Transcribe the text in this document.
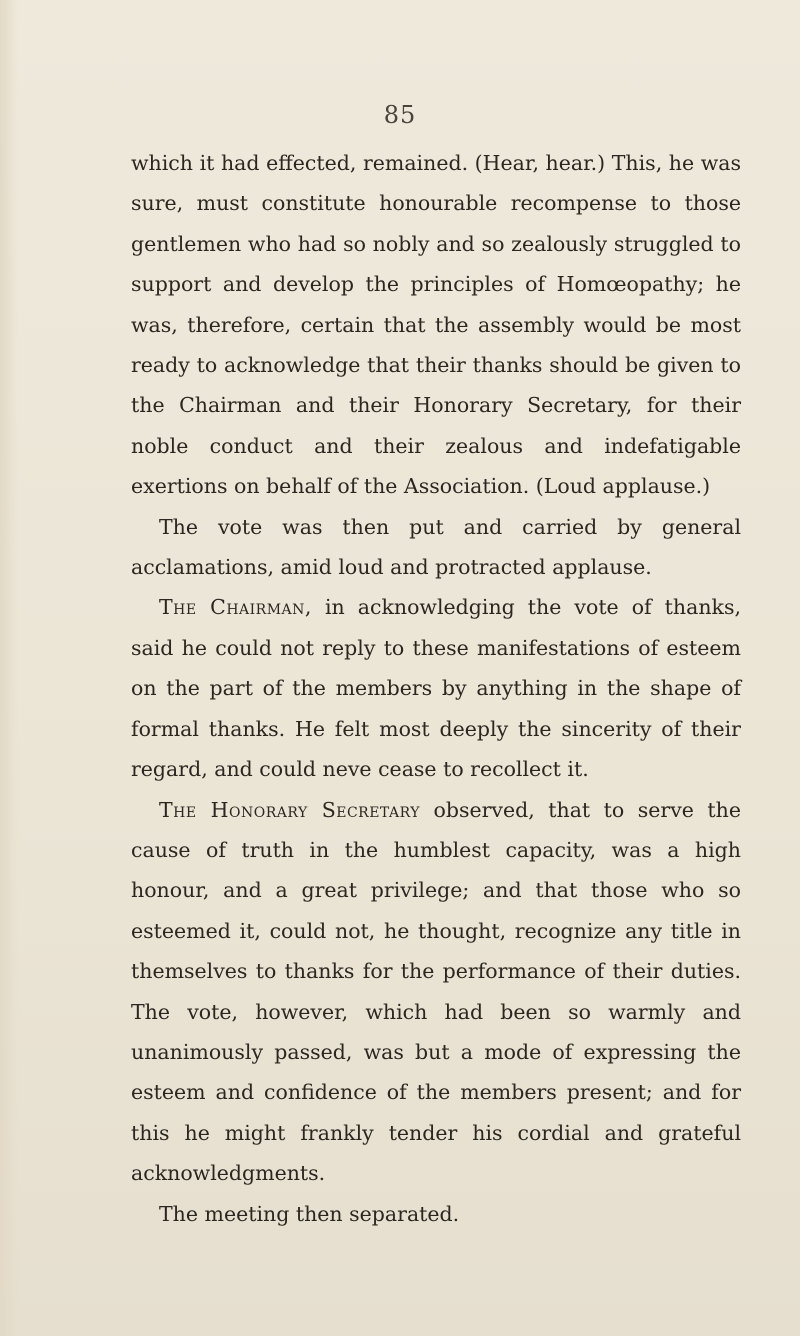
85

which it had effected, remained. (Hear, hear.) This, he was sure, must constitute honourable recompense to those gentlemen who had so nobly and so zealously struggled to support and develop the principles of Homœopathy; he was, therefore, certain that the assembly would be most ready to acknowledge that their thanks should be given to the Chairman and their Honorary Secretary, for their noble conduct and their zealous and indefatigable exertions on behalf of the Association. (Loud applause.)

The vote was then put and carried by general acclamations, amid loud and protracted applause.

The Chairman, in acknowledging the vote of thanks, said he could not reply to these manifestations of esteem on the part of the members by anything in the shape of formal thanks. He felt most deeply the sincerity of their regard, and could neve cease to recollect it.

The Honorary Secretary observed, that to serve the cause of truth in the humblest capacity, was a high honour, and a great privilege; and that those who so esteemed it, could not, he thought, recognize any title in themselves to thanks for the performance of their duties. The vote, however, which had been so warmly and unanimously passed, was but a mode of expressing the esteem and confidence of the members present; and for this he might frankly tender his cordial and grateful acknowledgments.

The meeting then separated.
